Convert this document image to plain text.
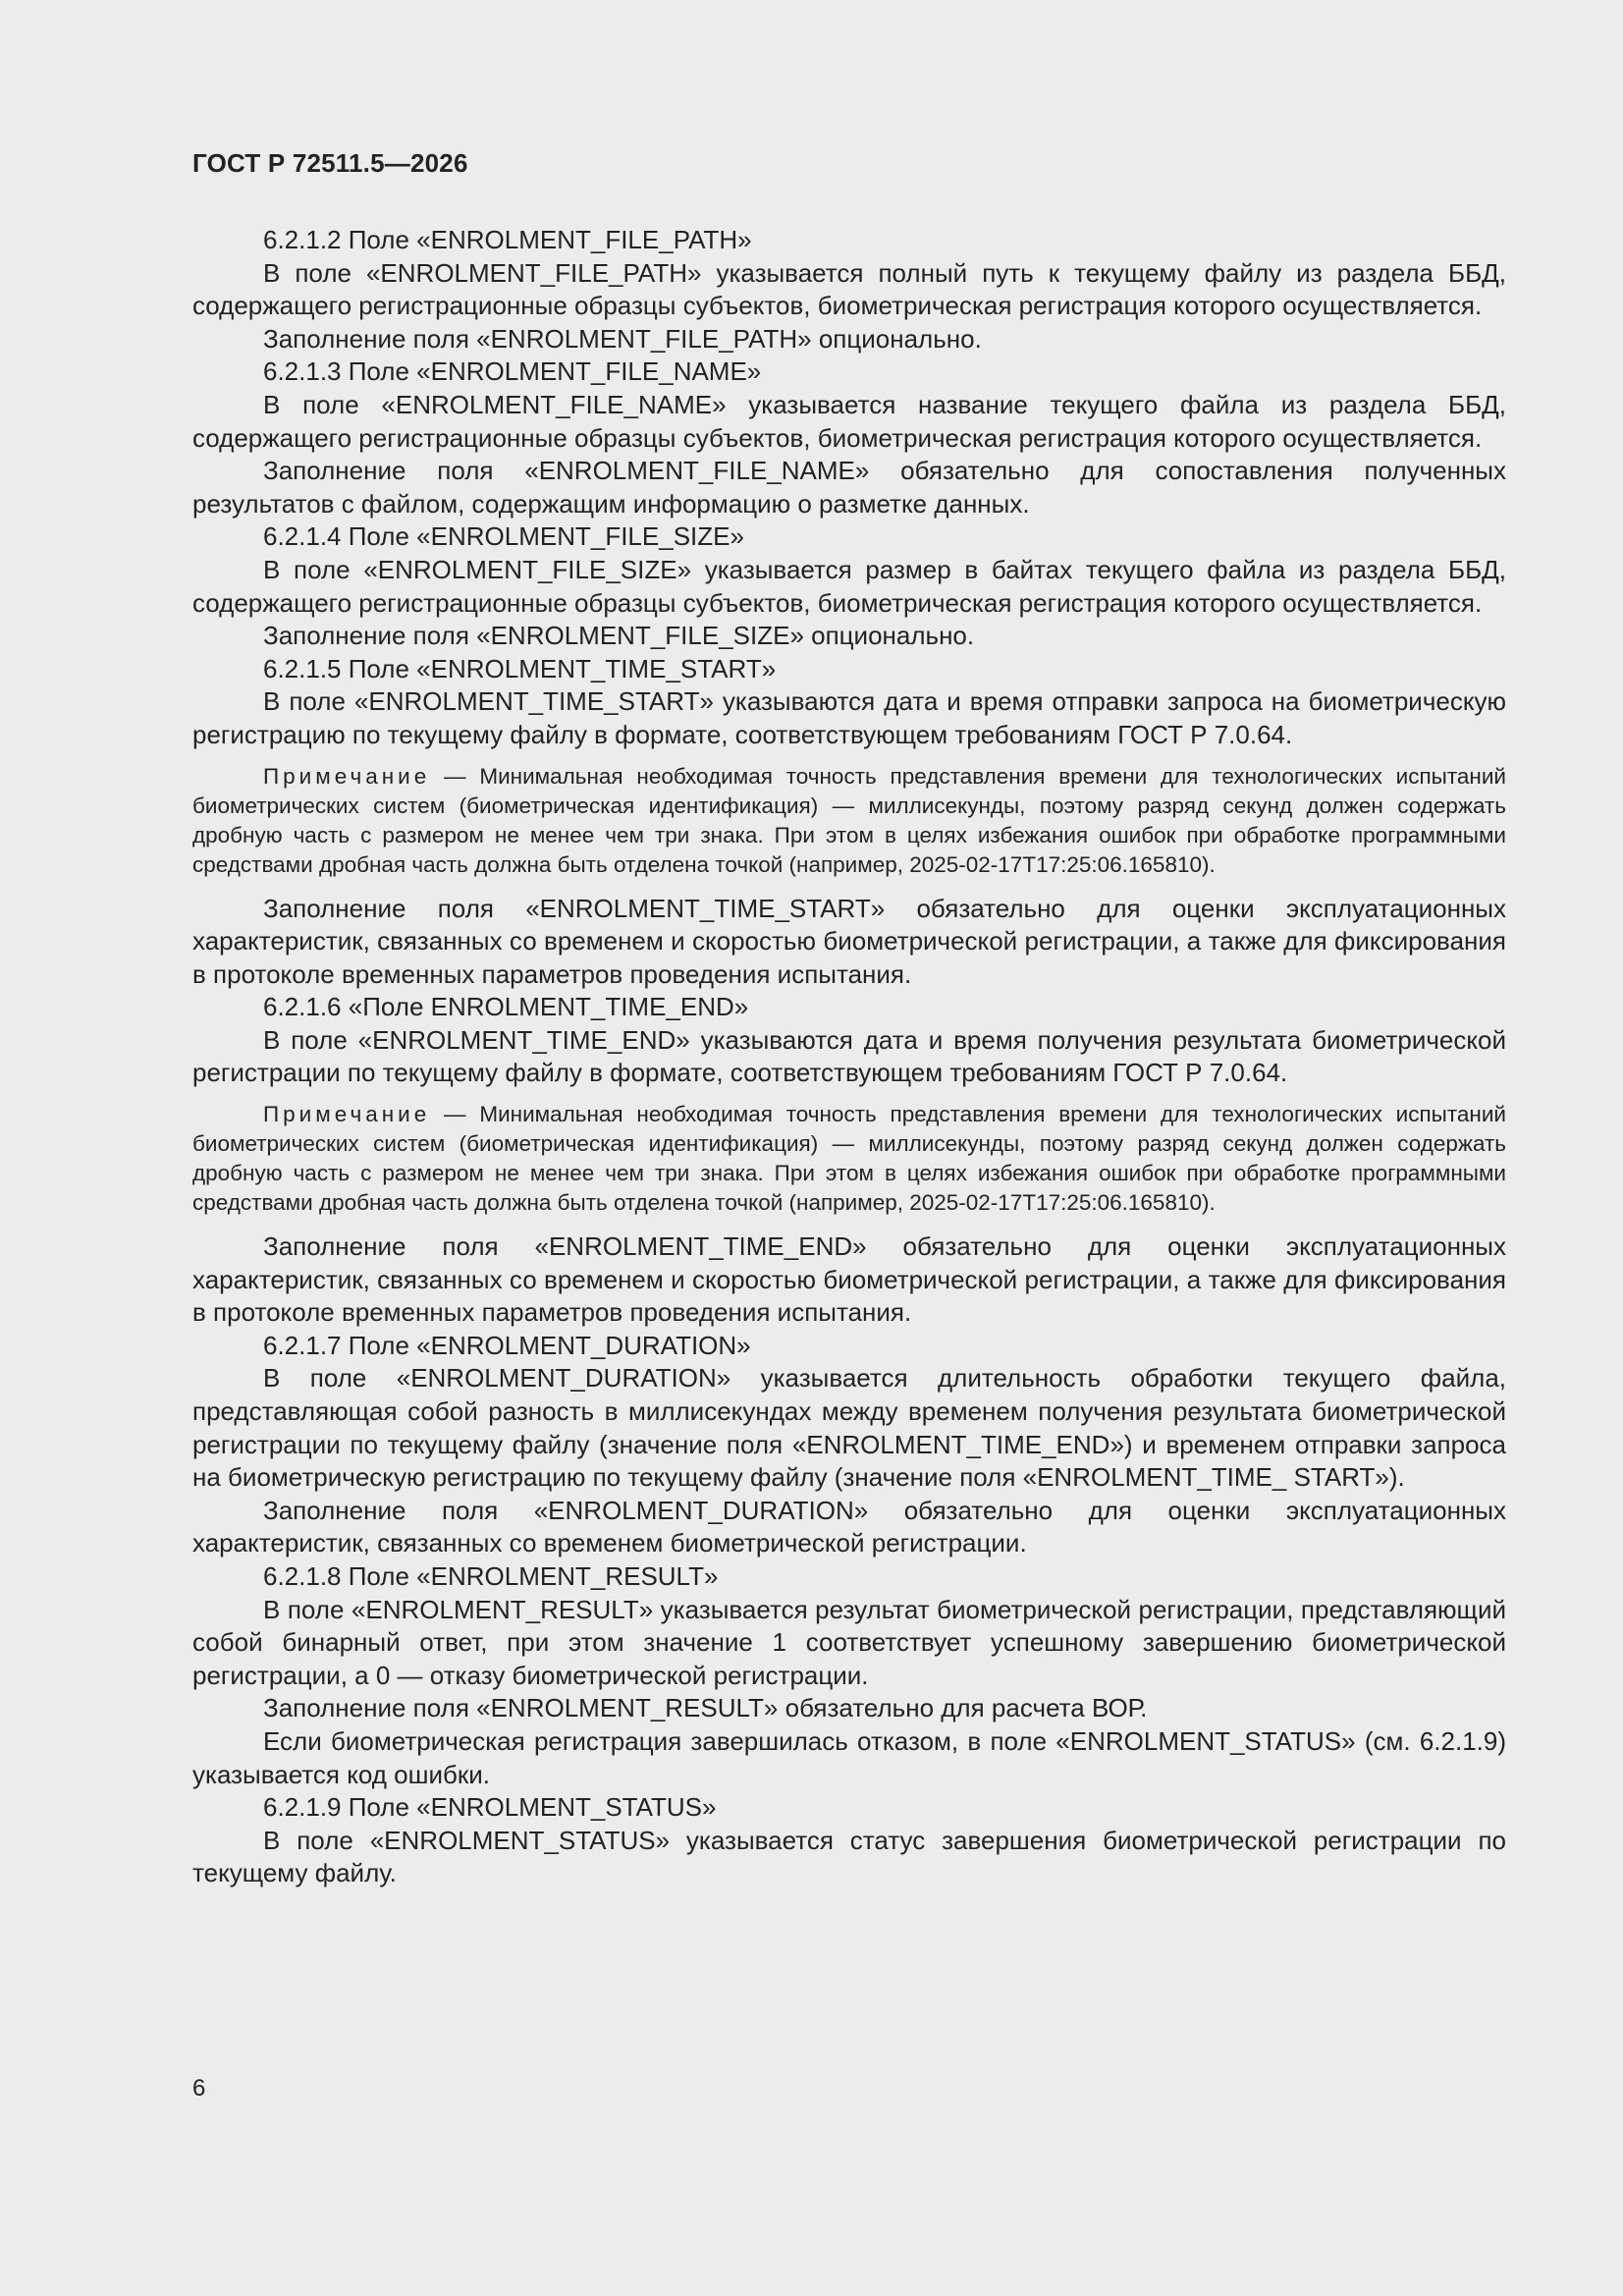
ГОСТ Р 72511.5—2026

6.2.1.2 Поле «ENROLMENT_FILE_PATH»

В поле «ENROLMENT_FILE_PATH» указывается полный путь к текущему файлу из раздела ББД, содержащего регистрационные образцы субъектов, биометрическая регистрация которого осуществляется.

Заполнение поля «ENROLMENT_FILE_PATH» опционально.

6.2.1.3 Поле «ENROLMENT_FILE_NAME»

В поле «ENROLMENT_FILE_NAME» указывается название текущего файла из раздела ББД, содержащего регистрационные образцы субъектов, биометрическая регистрация которого осуществляется.

Заполнение поля «ENROLMENT_FILE_NAME» обязательно для сопоставления полученных результатов с файлом, содержащим информацию о разметке данных.

6.2.1.4 Поле «ENROLMENT_FILE_SIZE»

В поле «ENROLMENT_FILE_SIZE» указывается размер в байтах текущего файла из раздела ББД, содержащего регистрационные образцы субъектов, биометрическая регистрация которого осуществляется.

Заполнение поля «ENROLMENT_FILE_SIZE» опционально.

6.2.1.5 Поле «ENROLMENT_TIME_START»

В поле «ENROLMENT_TIME_START» указываются дата и время отправки запроса на биометрическую регистрацию по текущему файлу в формате, соответствующем требованиям ГОСТ Р 7.0.64.

Примечание — Минимальная необходимая точность представления времени для технологических испытаний биометрических систем (биометрическая идентификация) — миллисекунды, поэтому разряд секунд должен содержать дробную часть с размером не менее чем три знака. При этом в целях избежания ошибок при обработке программными средствами дробная часть должна быть отделена точкой (например, 2025-02-17T17:25:06.165810).

Заполнение поля «ENROLMENT_TIME_START» обязательно для оценки эксплуатационных характеристик, связанных со временем и скоростью биометрической регистрации, а также для фиксирования в протоколе временных параметров проведения испытания.

6.2.1.6 «Поле ENROLMENT_TIME_END»

В поле «ENROLMENT_TIME_END» указываются дата и время получения результата биометрической регистрации по текущему файлу в формате, соответствующем требованиям ГОСТ Р 7.0.64.

Примечание — Минимальная необходимая точность представления времени для технологических испытаний биометрических систем (биометрическая идентификация) — миллисекунды, поэтому разряд секунд должен содержать дробную часть с размером не менее чем три знака. При этом в целях избежания ошибок при обработке программными средствами дробная часть должна быть отделена точкой (например, 2025-02-17T17:25:06.165810).

Заполнение поля «ENROLMENT_TIME_END» обязательно для оценки эксплуатационных характеристик, связанных со временем и скоростью биометрической регистрации, а также для фиксирования в протоколе временных параметров проведения испытания.

6.2.1.7 Поле «ENROLMENT_DURATION»

В поле «ENROLMENT_DURATION» указывается длительность обработки текущего файла, представляющая собой разность в миллисекундах между временем получения результата биометрической регистрации по текущему файлу (значение поля «ENROLMENT_TIME_END») и временем отправки запроса на биометрическую регистрацию по текущему файлу (значение поля «ENROLMENT_TIME_ START»).

Заполнение поля «ENROLMENT_DURATION» обязательно для оценки эксплуатационных характеристик, связанных со временем биометрической регистрации.

6.2.1.8 Поле «ENROLMENT_RESULT»

В поле «ENROLMENT_RESULT» указывается результат биометрической регистрации, представляющий собой бинарный ответ, при этом значение 1 соответствует успешному завершению биометрической регистрации, а 0 — отказу биометрической регистрации.

Заполнение поля «ENROLMENT_RESULT» обязательно для расчета ВОР.

Если биометрическая регистрация завершилась отказом, в поле «ENROLMENT_STATUS» (см. 6.2.1.9) указывается код ошибки.

6.2.1.9 Поле «ENROLMENT_STATUS»

В поле «ENROLMENT_STATUS» указывается статус завершения биометрической регистрации по текущему файлу.

6
